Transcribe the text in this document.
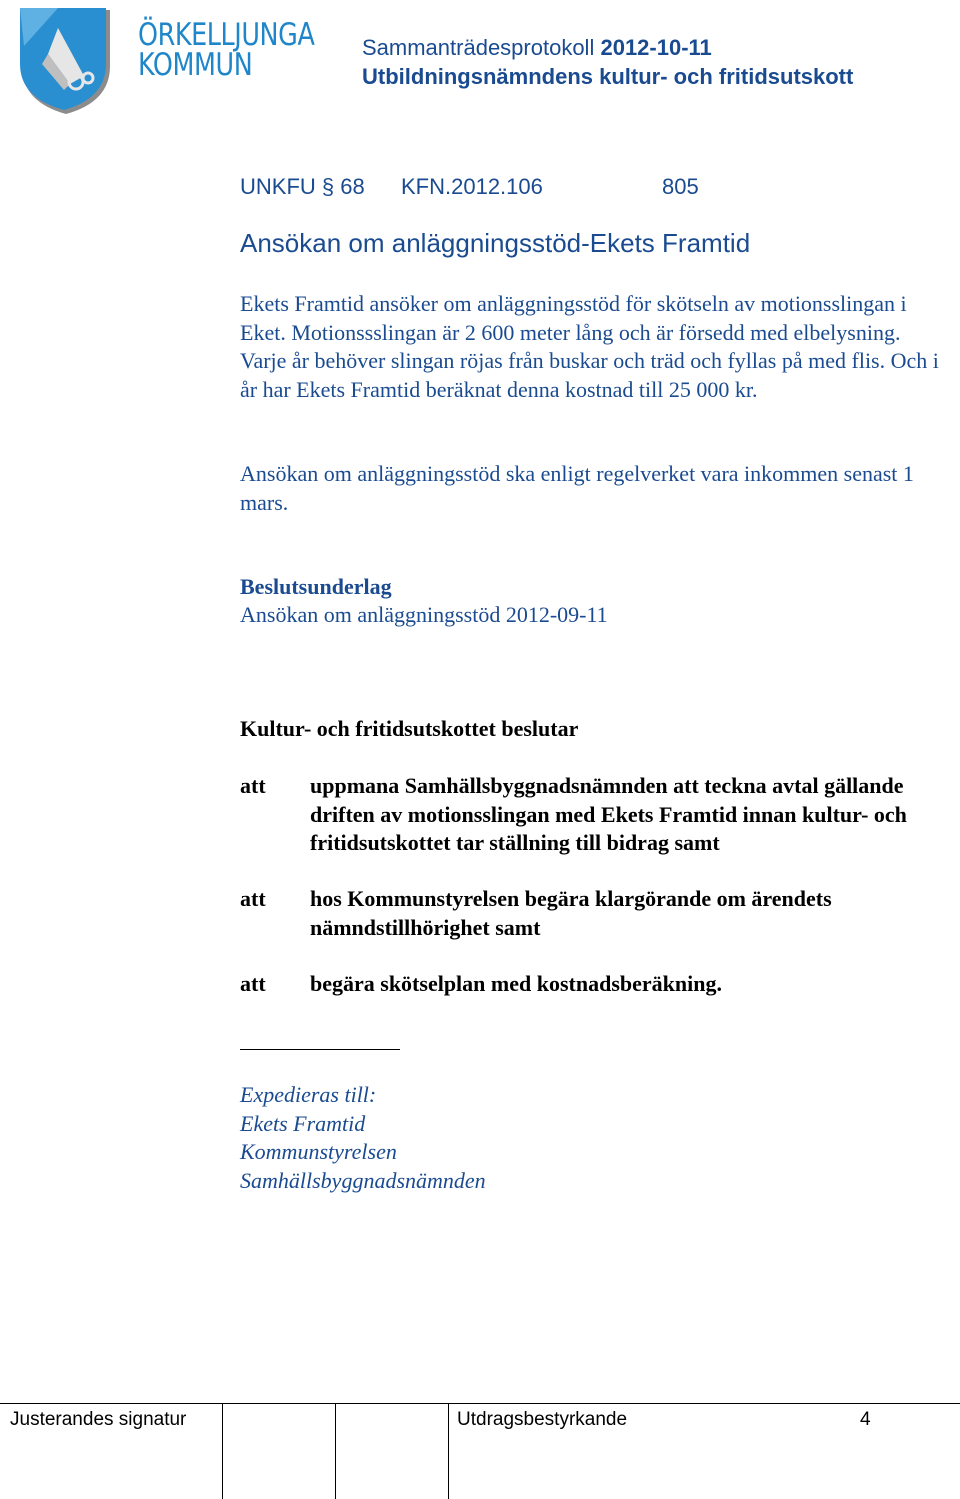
ÖRKELLJUNGA
KOMMUN	Sammanträdesprotokoll 2012-10-11
Utbildningsnämndens kultur- och fritidsutskott
UNKFU § 68 KFN.2012.106	805
Ansökan om anläggningsstöd-Ekets Framtid

Ekets Framtid ansöker om anläggningsstöd för skötseln av motionsslingan i Eket. Motionssslingan är 2 600 meter lång och är försedd med elbelysning. Varje år behöver slingan röjas från buskar och träd och fyllas på med flis. Och i år har Ekets Framtid beräknat denna kostnad till 25 000 kr.

Ansökan om anläggningsstöd ska enligt regelverket vara inkommen senast 1 mars.

Beslutsunderlag
Ansökan om anläggningsstöd 2012-09-11
Kultur- och fritidsutskottet beslutar
att uppmana Samhällsbyggnadsnämnden att teckna avtal gällande driften av motionsslingan med Ekets Framtid innan kultur- och fritidsutskottet tar ställning till bidrag samt
att hos Kommunstyrelsen begära klargörande om ärendets nämndstillhörighet samt
att begära skötselplan med kostnadsberäkning.
Expedieras till:
Ekets Framtid
Kommunstyrelsen
Samhällsbyggnadsnämnden
Justerandes signatur	Utdragsbestyrkande	4
